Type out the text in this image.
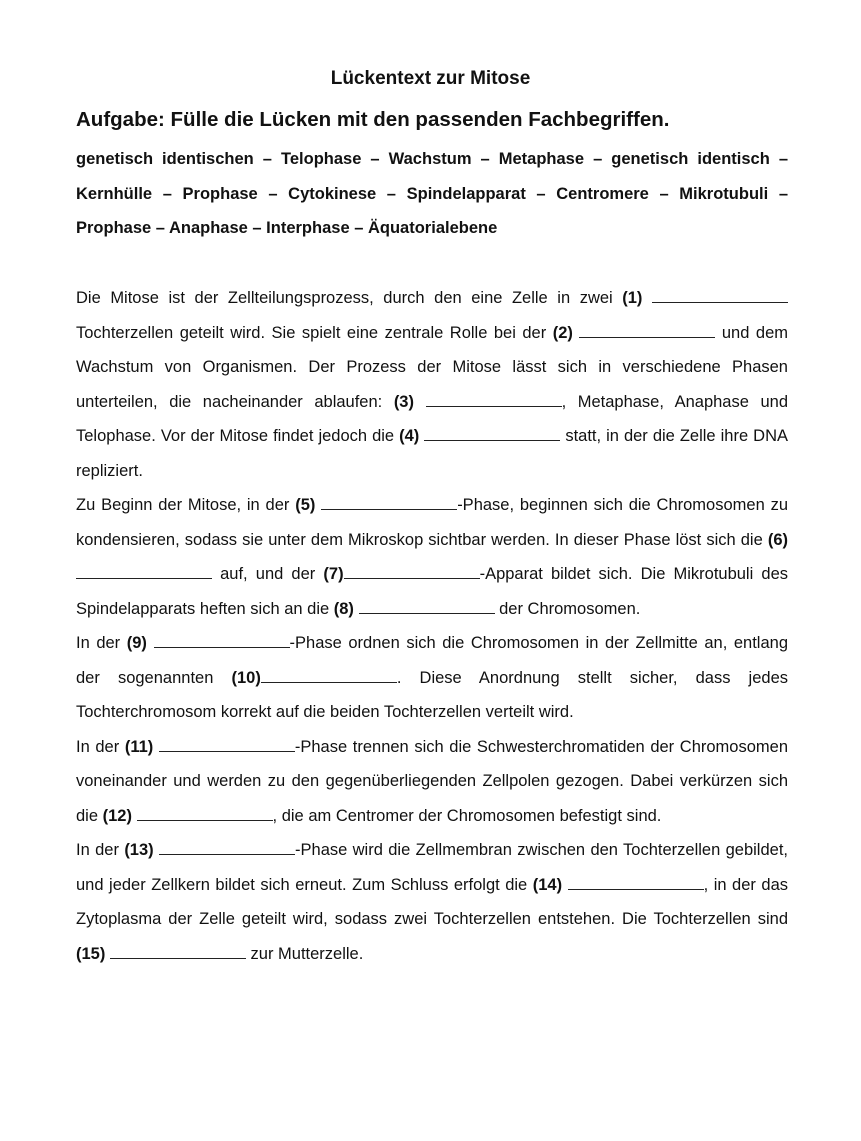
Lückentext zur Mitose
Aufgabe: Fülle die Lücken mit den passenden Fachbegriffen.
genetisch identischen – Telophase – Wachstum – Metaphase – genetisch identisch – Kernhülle – Prophase – Cytokinese – Spindelapparat – Centromere – Mikrotubuli – Prophase – Anaphase – Interphase – Äquatorialebene

Die Mitose ist der Zellteilungsprozess, durch den eine Zelle in zwei (1)  Tochterzellen geteilt wird. Sie spielt eine zentrale Rolle bei der (2)	und dem Wachstum von Organismen. Der Prozess der Mitose lässt sich in verschiedene Phasen unterteilen, die nacheinander ablaufen: (3)	, Metaphase, Anaphase und Telophase. Vor der Mitose findet jedoch die (4)	statt, in der die Zelle ihre DNA repliziert.

Zu Beginn der Mitose, in der (5)	-Phase, beginnen sich die Chromosomen zu kondensieren, sodass sie unter dem Mikroskop sichtbar werden. In dieser Phase löst sich die (6)  auf, und der (7)	-Apparat bildet sich. Die Mikrotubuli des Spindelapparats heften sich an die (8)	der Chromosomen.

In der (9)	-Phase ordnen sich die Chromosomen in der Zellmitte an, entlang der sogenannten (10)	. Diese Anordnung stellt sicher, dass jedes Tochterchromosom korrekt auf die beiden Tochterzellen verteilt wird.

In der (11)	-Phase trennen sich die Schwesterchromatiden der Chromosomen voneinander und werden zu den gegenüberliegenden Zellpolen gezogen. Dabei verkürzen sich die (12)	, die am Centromer der Chromosomen befestigt sind.

In der (13)	-Phase wird die Zellmembran zwischen den Tochterzellen gebildet, und jeder Zellkern bildet sich erneut. Zum Schluss erfolgt die (14)	, in der das Zytoplasma der Zelle geteilt wird, sodass zwei Tochterzellen entstehen. Die Tochterzellen sind (15)	zur Mutterzelle.
